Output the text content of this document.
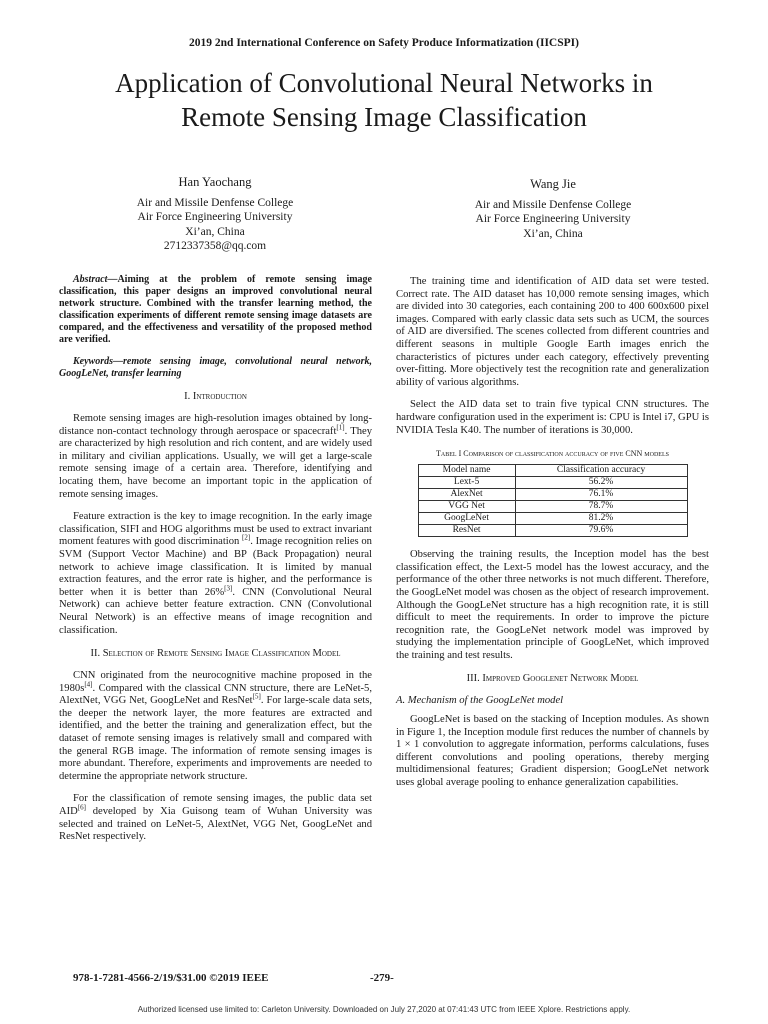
2019 2nd International Conference on Safety Produce Informatization (IICSPI)
Application of Convolutional Neural Networks in
Remote Sensing Image Classification
Han Yaochang
Air and Missile Denfense College
Air Force Engineering University
Xi’an, China
2712337358@qq.com
Wang Jie
Air and Missile Denfense College
Air Force Engineering University
Xi’an, China

Abstract—Aiming at the problem of remote sensing image classification, this paper designs an improved convolutional neural network structure. Combined with the transfer learning method, the classification experiments of different remote sensing image datasets are compared, and the effectiveness and versatility of the proposed method are verified.

Keywords—remote sensing image, convolutional neural network, GoogLeNet, transfer learning

I. Introduction

Remote sensing images are high-resolution images obtained by long-distance non-contact technology through aerospace or spacecraft[1]. They are characterized by high resolution and rich content, and are widely used in military and civilian applications. Usually, we will get a large-scale remote sensing image of a certain area. Therefore, identifying and locating them, have become an important topic in the application of remote sensing images.

Feature extraction is the key to image recognition. In the early image classification, SIFI and HOG algorithms must be used to extract invariant moment features with good discrimination [2]. Image recognition relies on SVM (Support Vector Machine) and BP (Back Propagation) neural network to achieve image classification. It is limited by manual extraction features, and the error rate is higher, and the performance is better when it is better than 26%[3]. CNN (Convolutional Neural Network) can achieve better feature extraction. CNN (Convolutional Neural Network) is an effective means of image recognition and classification.

II. Selection of Remote Sensing Image Classification Model

CNN originated from the neurocognitive machine proposed in the 1980s[4]. Compared with the classical CNN structure, there are LeNet-5, AlextNet, VGG Net, GoogLeNet and ResNet[5]. For large-scale data sets, the deeper the network layer, the more features are extracted and identified, and the better the training and generalization effect, but the dataset of remote sensing images is relatively small and compared with the general RGB image. The information of remote sensing images is more abundant. Therefore, experiments and improvements are needed to determine the appropriate network structure.

For the classification of remote sensing images, the public data set AID[6] developed by Xia Guisong team of Wuhan University was selected and trained on LeNet-5, AlextNet, VGG Net, GoogLeNet and ResNet respectively.

The training time and identification of AID data set were tested. Correct rate. The AID dataset has 10,000 remote sensing images, which are divided into 30 categories, each containing 200 to 400 600x600 pixel images. Compared with early classic data sets such as UCM, the sources of AID are diversified. The scenes collected from different countries and different seasons in multiple Google Earth images enrich the characteristics of pictures under each category, effectively preventing over-fitting. More objectively test the recognition rate and generalization ability of various algorithms.

Select the AID data set to train five typical CNN structures. The hardware configuration used in the experiment is: CPU is Intel i7, GPU is NVIDIA Tesla K40. The number of iterations is 30,000.

Tabel I Comparison of classification accuracy of five CNN models
Model name	Classification accuracy
Lext-5	56.2%
AlexNet	76.1%
VGG Net	78.7%
GoogLeNet	81.2%
ResNet	79.6%

Observing the training results, the Inception model has the best classification effect, the Lext-5 model has the lowest accuracy, and the performance of the other three networks is not much different. Therefore, the GoogLeNet model was chosen as the object of research improvement. Although the GoogLeNet structure has a high recognition rate, it is still difficult to meet the requirements. In order to improve the picture recognition rate, the GoogLeNet network model was improved by studying the implementation principle of GoogLeNet, which improved the training and test results.

III. Improved Googlenet Network Model

A. Mechanism of the GoogLeNet model

GoogLeNet is based on the stacking of Inception modules. As shown in Figure 1, the Inception module first reduces the number of channels by 1 × 1 convolution to aggregate information, performs calculations, fuses different convolutions and pooling operations, thereby merging multidimensional features; Gradient dispersion; GoogLeNet network uses global average pooling to enhance generalization capabilities.

978-1-7281-4566-2/19/$31.00 ©2019 IEEE	-279-
Authorized licensed use limited to: Carleton University. Downloaded on July 27,2020 at 07:41:43 UTC from IEEE Xplore. Restrictions apply.
